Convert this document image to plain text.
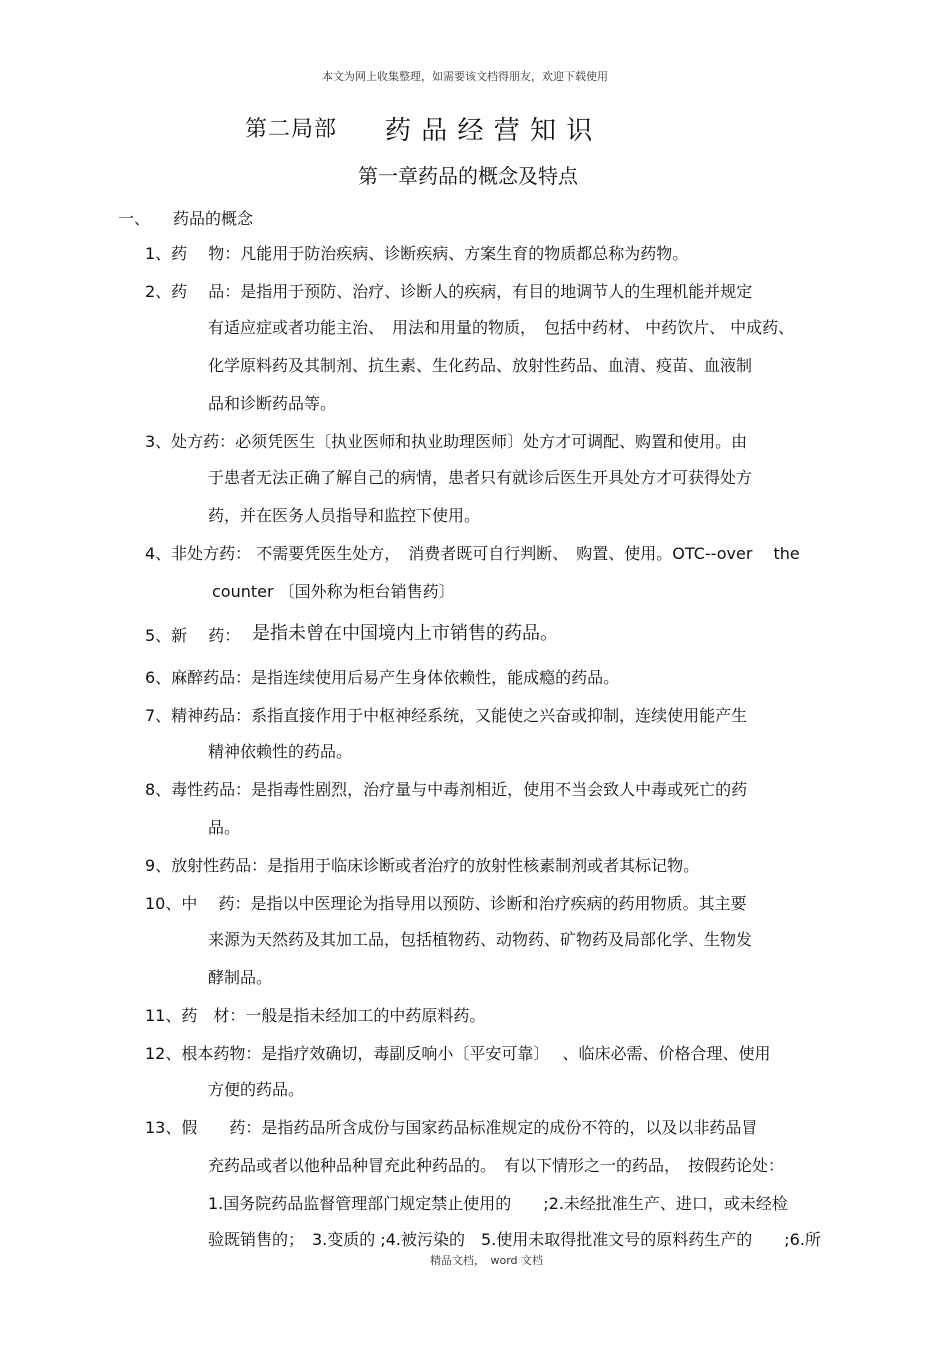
本文为网上收集整理，如需要该文档得朋友，欢迎下载使用
第二局部 药 品 经 营 知 识
第一章药品的概念及特点
一、 药品的概念
1、药　 物：凡能用于防治疾病、诊断疾病、方案生育的物质都总称为药物。
2、药　 品：是指用于预防、治疗、诊断人的疾病，有目的地调节人的生理机能并规定
有适应症或者功能主治、　用法和用量的物质，　包括中药材、 中药饮片、 中成药、
化学原料药及其制剂、抗生素、生化药品、放射性药品、血清、疫苗、血液制
品和诊断药品等。
3、处方药：必须凭医生〔执业医师和执业助理医师〕处方才可调配、购置和使用。由
于患者无法正确了解自己的病情，患者只有就诊后医生开具处方才可获得处方
药，并在医务人员指导和监控下使用。
4、非处方药： 不需要凭医生处方，　消费者既可自行判断、　购置、使用。OTC--over　 the
counter 〔国外称为柜台销售药〕
5、新　 药： 是指未曾在中国境内上市销售的药品。
6、麻醉药品：是指连续使用后易产生身体依赖性，能成瘾的药品。
7、精神药品：系指直接作用于中枢神经系统，又能使之兴奋或抑制，连续使用能产生
精神依赖性的药品。
8、毒性药品：是指毒性剧烈，治疗量与中毒剂相近，使用不当会致人中毒或死亡的药
品。
9、放射性药品：是指用于临床诊断或者治疗的放射性核素制剂或者其标记物。
10、中　 药：是指以中医理论为指导用以预防、诊断和治疗疾病的药用物质。其主要
来源为天然药及其加工品，包括植物药、动物药、矿物药及局部化学、生物发
酵制品。
11、药　材：一般是指未经加工的中药原料药。
12、根本药物：是指疗效确切，毒副反响小〔平安可靠〕　 、临床必需、价格合理、使用
方便的药品。
13、假　　药：是指药品所含成份与国家药品标准规定的成份不符的，以及以非药品冒
充药品或者以他种品种冒充此种药品的。　有以下情形之一的药品，　按假药论处：
1.国务院药品监督管理部门规定禁止使用的　　;2.未经批准生产、进口，或未经检
验既销售的；　3.变质的 ;4.被污染的　5.使用未取得批准文号的原料药生产的　　;6.所
精品文档，　word 文档
